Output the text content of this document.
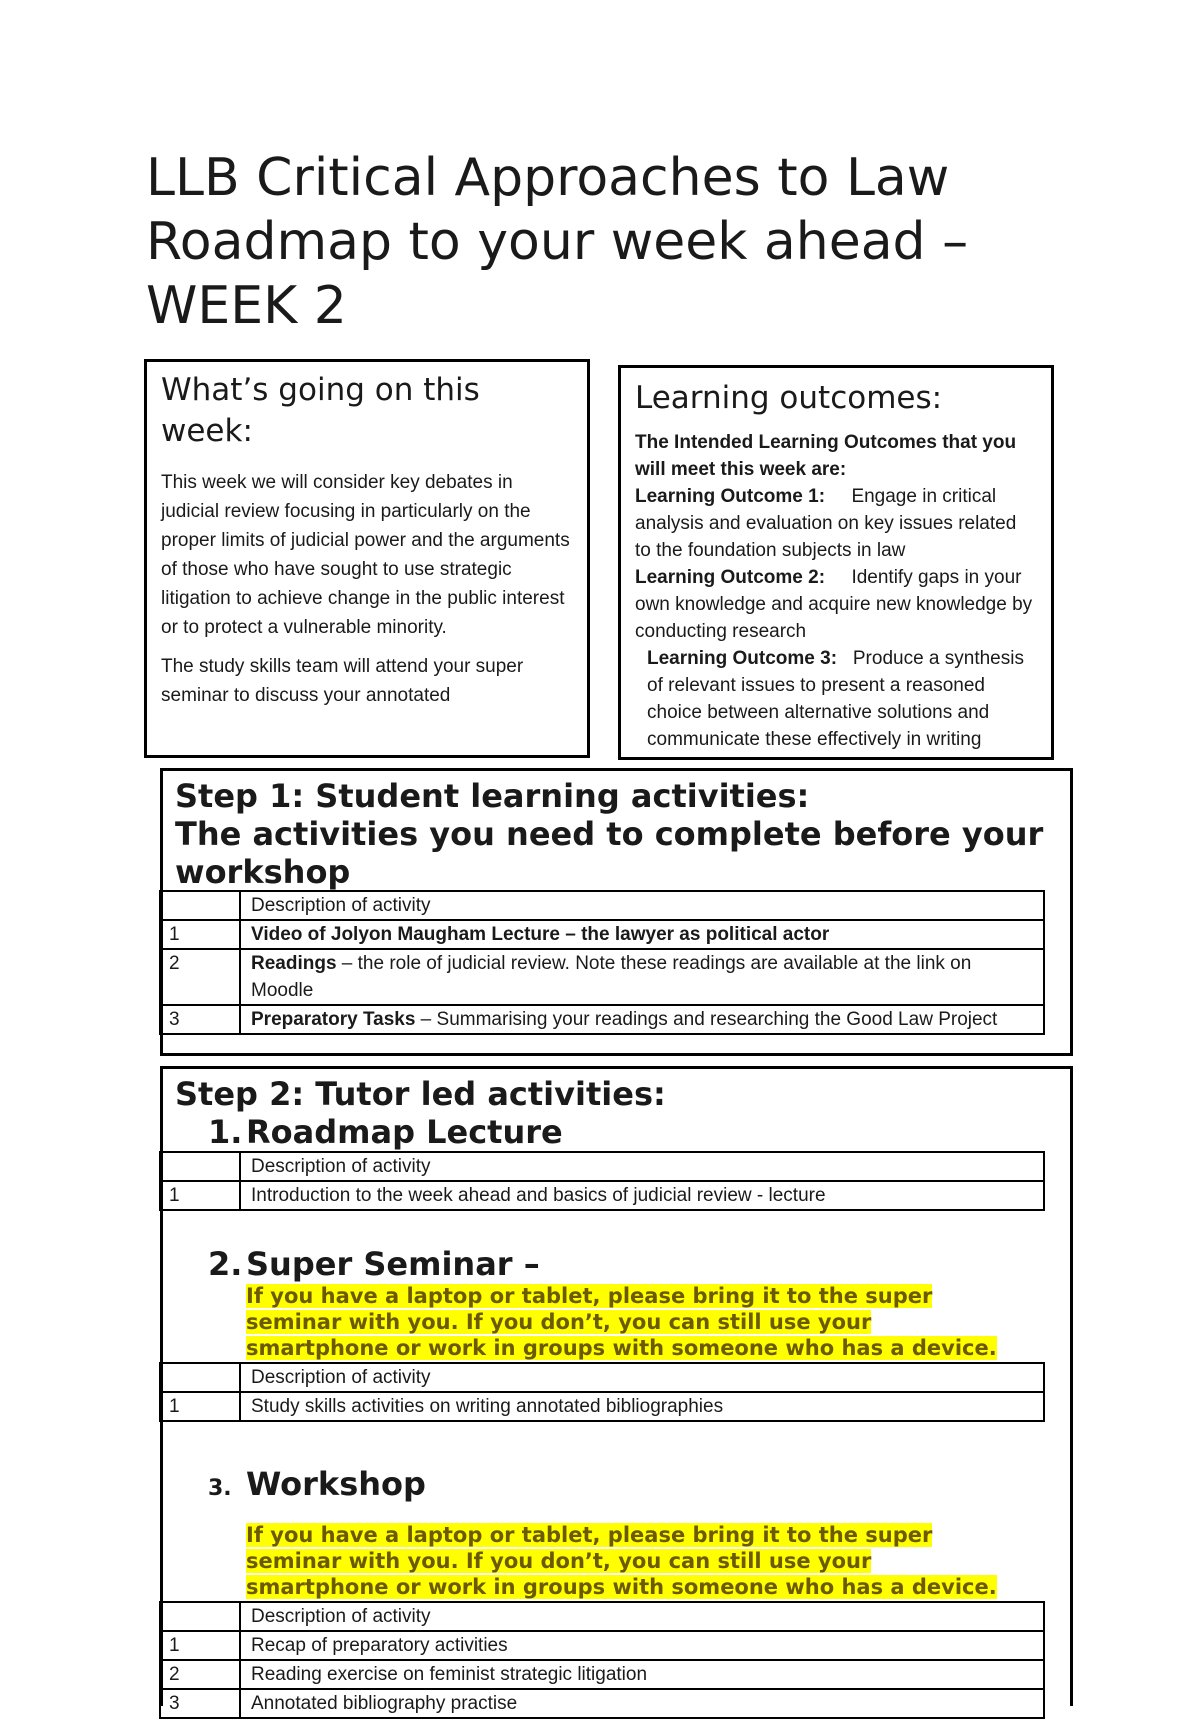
LLB Critical Approaches to Law
Roadmap to your week ahead –
WEEK 2
What’s going on this week:

This week we will consider key debates in judicial review focusing in particularly on the proper limits of judicial power and the arguments of those who have sought to use strategic litigation to achieve change in the public interest or to protect a vulnerable minority.

The study skills team will attend your super seminar to discuss your annotated

Learning outcomes:

The Intended Learning Outcomes that you will meet this week are:

Learning Outcome 1: Engage in critical analysis and evaluation on key issues related to the foundation subjects in law

Learning Outcome 2: Identify gaps in your own knowledge and acquire new knowledge by conducting research

Learning Outcome 3: Produce a synthesis of relevant issues to present a reasoned choice between alternative solutions and communicate these effectively in writing

Step 1: Student learning activities:
The activities you need to complete before your workshop
	Description of activity
1	Video of Jolyon Maugham Lecture – the lawyer as political actor
2	Readings – the role of judicial review. Note these readings are available at the link on Moodle
3	Preparatory Tasks – Summarising your readings and researching the Good Law Project
Step 2: Tutor led activities:
1. Roadmap Lecture
	Description of activity
1	Introduction to the week ahead and basics of judicial review - lecture
2. Super Seminar –
If you have a laptop or tablet, please bring it to the super
seminar with you. If you don’t, you can still use your
smartphone or work in groups with someone who has a device.
	Description of activity
1	Study skills activities on writing annotated bibliographies
3. Workshop
If you have a laptop or tablet, please bring it to the super
seminar with you. If you don’t, you can still use your
smartphone or work in groups with someone who has a device.
	Description of activity
1	Recap of preparatory activities
2	Reading exercise on feminist strategic litigation
3	Annotated bibliography practise
